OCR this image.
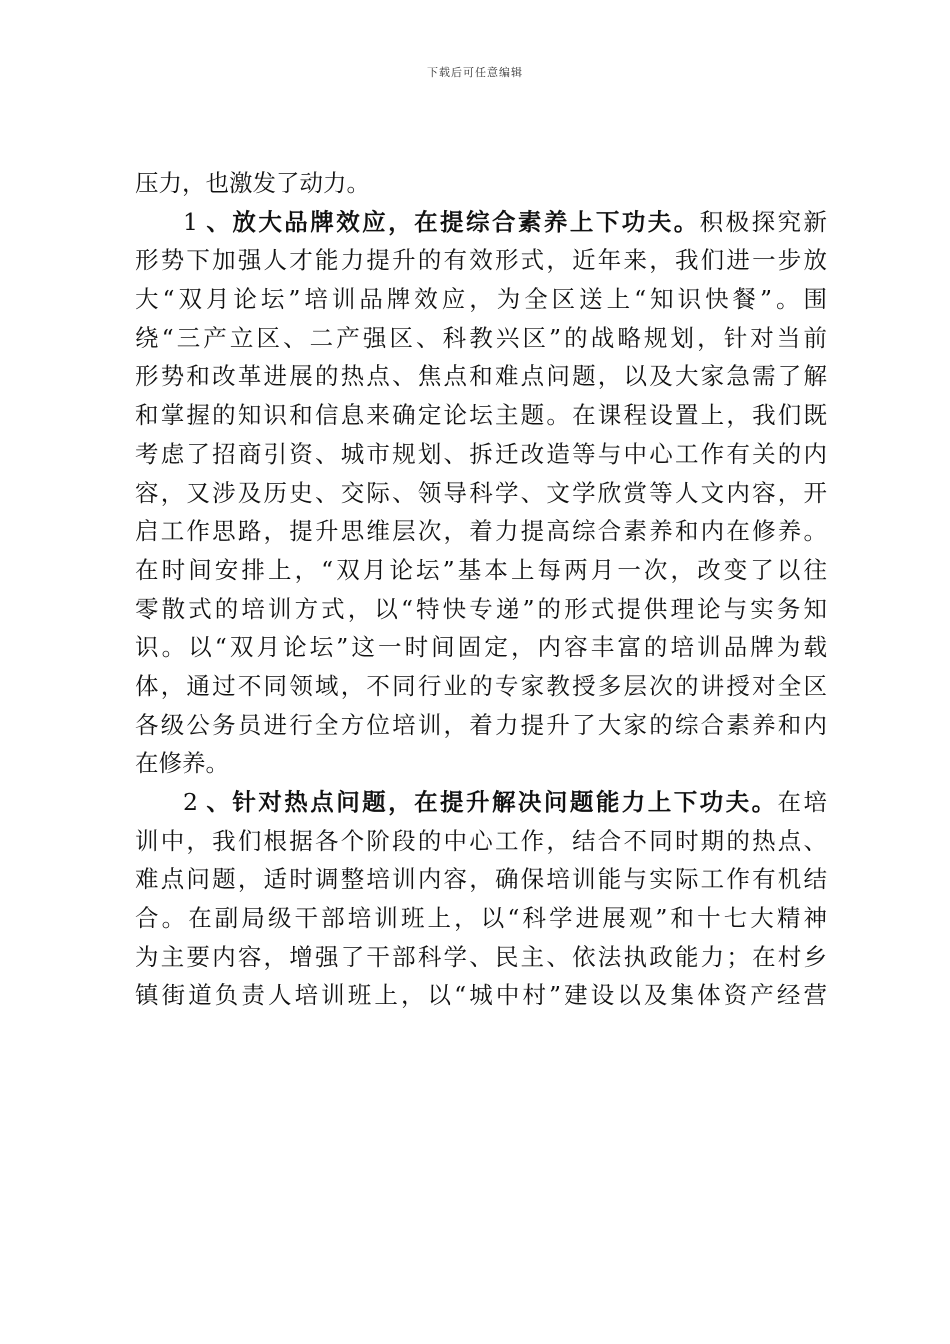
下载后可任意编辑
压力，也激发了动力。
1 、放大品牌效应，在提综合素养上下功夫。积极探究新
形势下加强人才能力提升的有效形式，近年来，我们进一步放
大“双月论坛”培训品牌效应，为全区送上“知识快餐”。围
绕“三产立区、二产强区、科教兴区”的战略规划，针对当前
形势和改革进展的热点、焦点和难点问题，以及大家急需了解
和掌握的知识和信息来确定论坛主题。在课程设置上，我们既
考虑了招商引资、城市规划、拆迁改造等与中心工作有关的内
容，又涉及历史、交际、领导科学、文学欣赏等人文内容，开
启工作思路，提升思维层次，着力提高综合素养和内在修养。
在时间安排上，“双月论坛”基本上每两月一次，改变了以往
零散式的培训方式，以“特快专递”的形式提供理论与实务知
识。以“双月论坛”这一时间固定，内容丰富的培训品牌为载
体，通过不同领域，不同行业的专家教授多层次的讲授对全区
各级公务员进行全方位培训，着力提升了大家的综合素养和内
在修养。
2 、针对热点问题，在提升解决问题能力上下功夫。在培
训中，我们根据各个阶段的中心工作，结合不同时期的热点、
难点问题，适时调整培训内容，确保培训能与实际工作有机结
合。在副局级干部培训班上，以“科学进展观”和十七大精神
为主要内容，增强了干部科学、民主、依法执政能力；在村乡
镇街道负责人培训班上，以“城中村”建设以及集体资产经营
